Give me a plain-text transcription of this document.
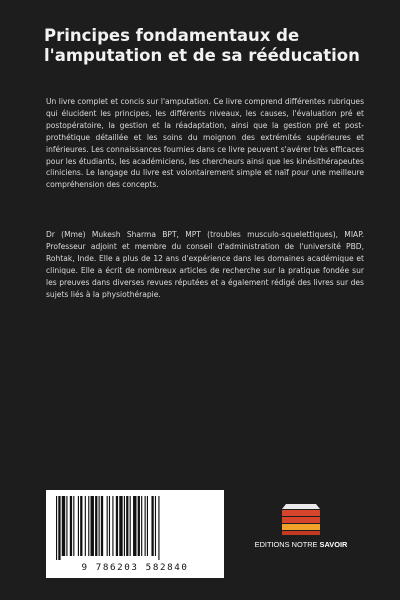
Principes fondamentaux de l'amputation et de sa rééducation

Un livre complet et concis sur l'amputation. Ce livre comprend différentes rubriques qui élucident les principes, les différents niveaux, les causes, l'évaluation pré et postopératoire, la gestion et la réadaptation, ainsi que la gestion pré et post-prothétique détaillée et les soins du moignon des extrémités supérieures et inférieures. Les connaissances fournies dans ce livre peuvent s'avérer très efficaces pour les étudiants, les académiciens, les chercheurs ainsi que les kinésithérapeutes cliniciens. Le langage du livre est volontairement simple et naïf pour une meilleure compréhension des concepts.

Dr (Mme) Mukesh Sharma BPT, MPT (troubles musculo-squelettiques), MIAP. Professeur adjoint et membre du conseil d'administration de l'université PBD, Rohtak, Inde. Elle a plus de 12 ans d'expérience dans les domaines académique et clinique. Elle a écrit de nombreux articles de recherche sur la pratique fondée sur les preuves dans diverses revues réputées et a également rédigé des livres sur des sujets liés à la physiothérapie.

9 786203 582840
EDITIONS NOTRE SAVOIR
